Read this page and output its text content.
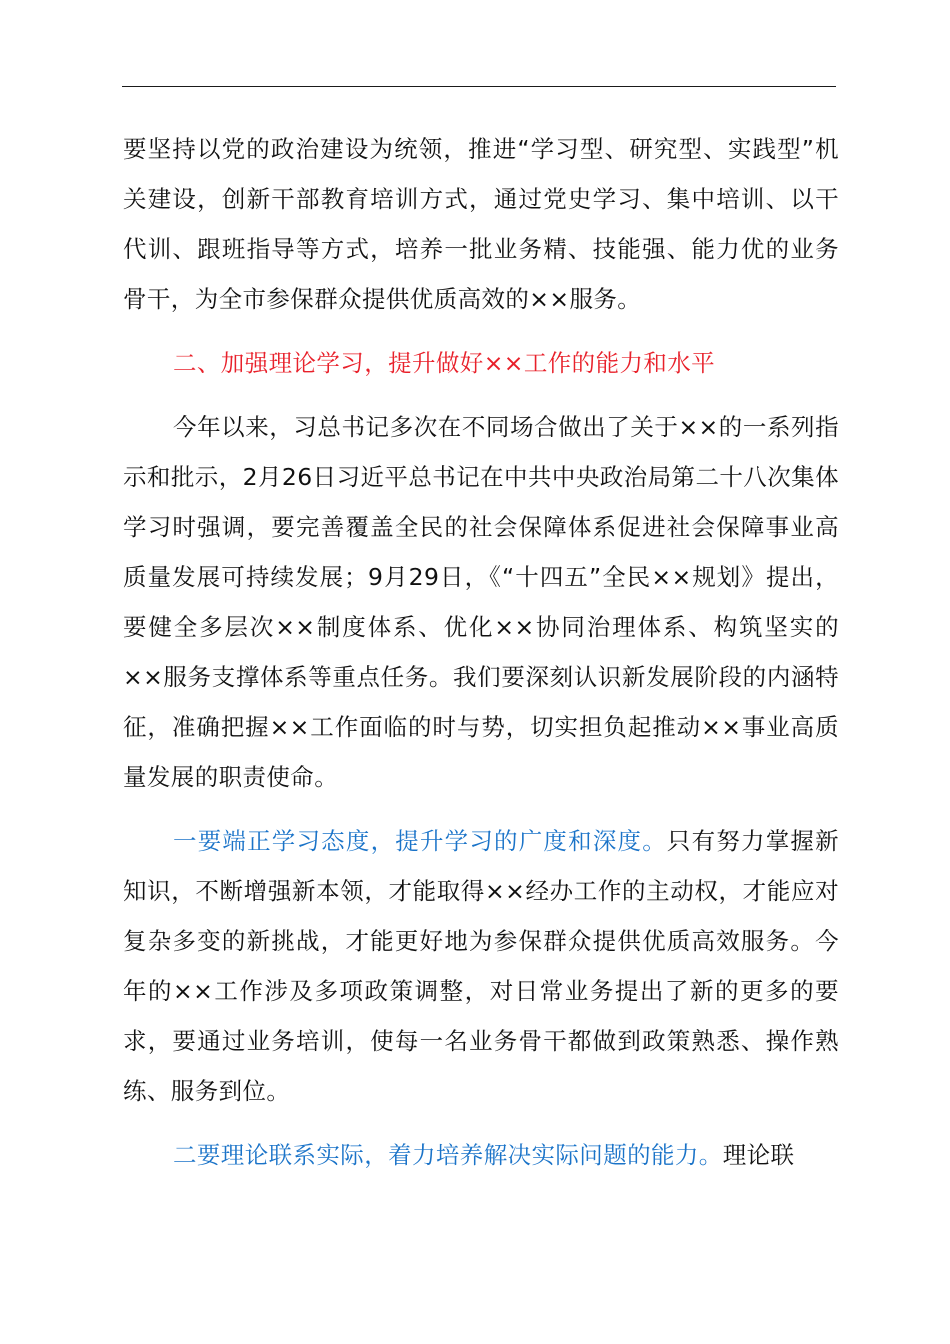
要坚持以党的政治建设为统领，推进“学习型、研究型、实践型”机关建设，创新干部教育培训方式，通过党史学习、集中培训、以干代训、跟班指导等方式，培养一批业务精、技能强、能力优的业务骨干，为全市参保群众提供优质高效的××服务。

二、加强理论学习，提升做好××工作的能力和水平

今年以来，习总书记多次在不同场合做出了关于××的一系列指示和批示，2月26日习近平总书记在中共中央政治局第二十八次集体学习时强调，要完善覆盖全民的社会保障体系促进社会保障事业高质量发展可持续发展；9月29日，《“十四五”全民××规划》提出，要健全多层次××制度体系、优化××协同治理体系、构筑坚实的××服务支撑体系等重点任务。我们要深刻认识新发展阶段的内涵特征，准确把握××工作面临的时与势，切实担负起推动××事业高质量发展的职责使命。

一要端正学习态度，提升学习的广度和深度。只有努力掌握新知识，不断增强新本领，才能取得××经办工作的主动权，才能应对复杂多变的新挑战，才能更好地为参保群众提供优质高效服务。今年的××工作涉及多项政策调整，对日常业务提出了新的更多的要求，要通过业务培训，使每一名业务骨干都做到政策熟悉、操作熟练、服务到位。

二要理论联系实际，着力培养解决实际问题的能力。理论联
